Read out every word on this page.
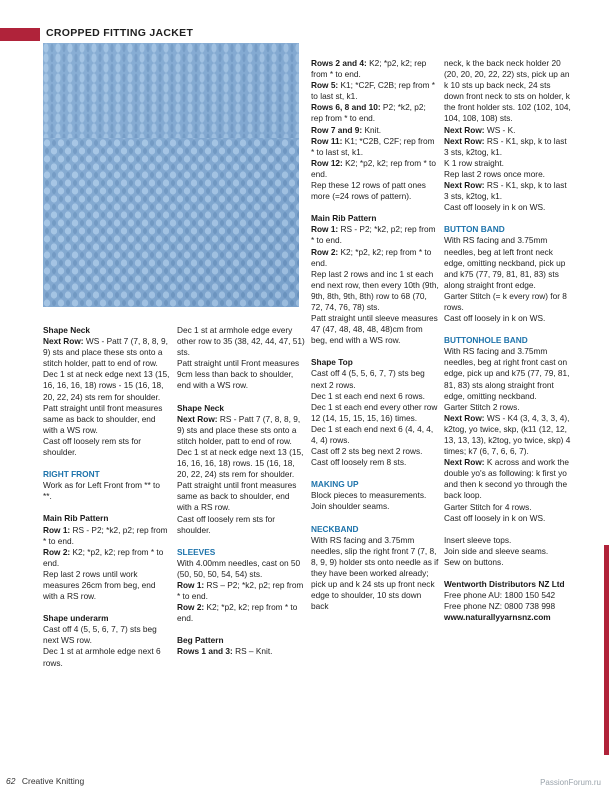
CROPPED FITTING JACKET

Shape Neck

Next Row: WS - Patt 7 (7, 8, 8, 9, 9) sts and place these sts onto a stitch holder, patt to end of row.

Dec 1 st at neck edge next 13 (15, 16, 16, 16, 18) rows - 15 (16, 18, 20, 22, 24) sts rem for shoulder.

Patt straight until front measures same as back to shoulder, end with a WS row.

Cast off loosely rem sts for shoulder.

RIGHT FRONT

Work as for Left Front from ** to **.

Main Rib Pattern

Row 1: RS - P2; *k2, p2; rep from * to end.

Row 2: K2; *p2, k2; rep from * to end.

Rep last 2 rows until work measures 26cm from beg, end with a RS row.

Shape underarm

Cast off 4 (5, 5, 6, 7, 7) sts beg next WS row.

Dec 1 st at armhole edge next 6 rows.

Dec 1 st at armhole edge every other row to 35 (38, 42, 44, 47, 51) sts.

Patt straight until Front measures 9cm less than back to shoulder, end with a WS row.

Shape Neck

Next Row: RS - Patt 7 (7, 8, 8, 9, 9) sts and place these sts onto a stitch holder, patt to end of row.

Dec 1 st at neck edge next 13 (15, 16, 16, 16, 18) rows. 15 (16, 18, 20, 22, 24) sts rem for shoulder.

Patt straight until front measures same as back to shoulder, end with a RS row.

Cast off loosely rem sts for shoulder.

SLEEVES

With 4.00mm needles, cast on 50 (50, 50, 50, 54, 54) sts.

Row 1: RS – P2; *k2, p2; rep from * to end.

Row 2: K2; *p2, k2; rep from * to end.

Beg Pattern

Rows 1 and 3: RS – Knit.

Rows 2 and 4: K2; *p2, k2; rep from * to end.

Row 5: K1; *C2F, C2B; rep from * to last st, k1.

Rows 6, 8 and 10: P2; *k2, p2; rep from * to end.

Row 7 and 9: Knit.

Row 11: K1; *C2B, C2F; rep from * to last st, k1.

Row 12: K2; *p2, k2; rep from * to end.

Rep these 12 rows of patt ones more (=24 rows of pattern).

Main Rib Pattern

Row 1: RS - P2; *k2, p2; rep from * to end.

Row 2: K2; *p2, k2; rep from * to end.

Rep last 2 rows and inc 1 st each end next row, then every 10th (9th, 9th, 8th, 9th, 8th) row to 68 (70, 72, 74, 76, 78) sts.

Patt straight until sleeve measures 47 (47, 48, 48, 48, 48)cm from beg, end with a WS row.

Shape Top

Cast off 4 (5, 5, 6, 7, 7) sts beg next 2 rows.

Dec 1 st each end next 6 rows.

Dec 1 st each end every other row 12 (14, 15, 15, 15, 16) times.

Dec 1 st each end next 6 (4, 4, 4, 4, 4) rows.

Cast off 2 sts beg next 2 rows.

Cast off loosely rem 8 sts.

MAKING UP

Block pieces to measurements.

Join shoulder seams.

NECKBAND

With RS facing and 3.75mm needles, slip the right front 7 (7, 8, 8, 9, 9) holder sts onto needle as if they have been worked already; pick up and k 24 sts up front neck edge to shoulder, 10 sts down back

neck, k the back neck holder 20 (20, 20, 20, 22, 22) sts, pick up an k 10 sts up back neck, 24 sts down front neck to sts on holder, k the front holder sts. 102 (102, 104, 104, 108, 108) sts.

Next Row: WS - K.

Next Row: RS - K1, skp, k to last 3 sts, k2tog, k1.

K 1 row straight.

Rep last 2 rows once more.

Next Row: RS - K1, skp, k to last 3 sts, k2tog, k1.

Cast off loosely in k on WS.

BUTTON BAND

With RS facing and 3.75mm needles, beg at left front neck edge, omitting neckband, pick up and k75 (77, 79, 81, 81, 83) sts along straight front edge.

Garter Stitch (= k every row) for 8 rows.

Cast off loosely in k on WS.

BUTTONHOLE BAND

With RS facing and 3.75mm needles, beg at right front cast on edge, pick up and k75 (77, 79, 81, 81, 83) sts along straight front edge, omitting neckband.

Garter Stitch 2 rows.

Next Row: WS - K4 (3, 4, 3, 3, 4), k2tog, yo twice, skp, (k11 (12, 12, 13, 13, 13), k2tog, yo twice, skp) 4 times; k7 (6, 7, 6, 6, 7).

Next Row: K across and work the double yo's as following: k first yo and then k second yo through the back loop.

Garter Stitch for 4 rows.

Cast off loosely in k on WS.

Insert sleeve tops.

Join side and sleeve seams.

Sew on buttons.

Wentworth Distributors NZ Ltd

Free phone AU: 1800 150 542

Free phone NZ: 0800 738 998

www.naturallyyarnsnz.com

62 Creative Knitting	PassionForum.ru
